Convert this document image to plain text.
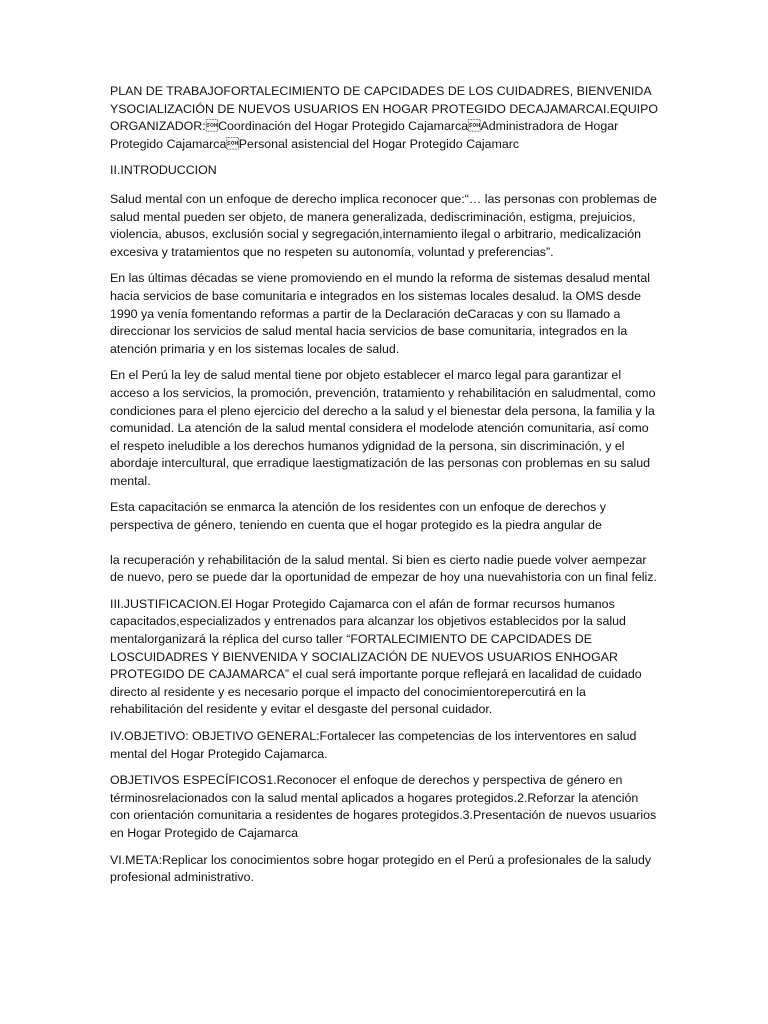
PLAN DE TRABAJOFORTALECIMIENTO DE CAPCIDADES DE LOS CUIDADRES, BIENVENIDA YSOCIALIZACIÓN DE NUEVOS USUARIOS EN HOGAR PROTEGIDO DECAJAMARCAI.EQUIPO ORGANIZADOR:Coordinación del Hogar Protegido CajamarcaAdministradora de Hogar Protegido CajamarcaPersonal asistencial del Hogar Protegido Cajamarc

II.INTRODUCCION

Salud mental con un enfoque de derecho implica reconocer que:“… las personas con problemas de salud mental pueden ser objeto, de manera generalizada, dediscriminación, estigma, prejuicios, violencia, abusos, exclusión social y segregación,internamiento ilegal o arbitrario, medicalización excesiva y tratamientos que no respeten su autonomía, voluntad y preferencias”.

En las últimas décadas se viene promoviendo en el mundo la reforma de sistemas desalud mental hacia servicios de base comunitaria e integrados en los sistemas locales desalud. la OMS desde 1990 ya venía fomentando reformas a partir de la Declaración deCaracas y con su llamado a direccionar los servicios de salud mental hacia servicios de base comunitaria, integrados en la atención primaria y en los sistemas locales de salud.

En el Perú la ley de salud mental tiene por objeto establecer el marco legal para garantizar el acceso a los servicios, la promoción, prevención, tratamiento y rehabilitación en saludmental, como condiciones para el pleno ejercicio del derecho a la salud y el bienestar dela persona, la familia y la comunidad. La atención de la salud mental considera el modelode atención comunitaria, así como el respeto ineludible a los derechos humanos ydignidad de la persona, sin discriminación, y el abordaje intercultural, que erradique laestigmatización de las personas con problemas en su salud mental.

Esta capacitación se enmarca la atención de los residentes con un enfoque de derechos y perspectiva de género, teniendo en cuenta que el hogar protegido es la piedra angular de

la recuperación y rehabilitación de la salud mental. Si bien es cierto nadie puede volver aempezar de nuevo, pero se puede dar la oportunidad de empezar de hoy una nuevahistoria con un final feliz.

III.JUSTIFICACION.El Hogar Protegido Cajamarca con el afán de formar recursos humanos capacitados,especializados y entrenados para alcanzar los objetivos establecidos por la salud mentalorganizará la réplica del curso taller “FORTALECIMIENTO DE CAPCIDADES DE LOSCUIDADRES Y BIENVENIDA Y SOCIALIZACIÓN DE NUEVOS USUARIOS ENHOGAR PROTEGIDO DE CAJAMARCA” el cual será importante porque reflejará en lacalidad de cuidado directo al residente y es necesario porque el impacto del conocimientorepercutirá en la rehabilitación del residente y evitar el desgaste del personal cuidador.

IV.OBJETIVO: OBJETIVO GENERAL:Fortalecer las competencias de los interventores en salud mental del Hogar Protegido Cajamarca.

OBJETIVOS ESPECÍFICOS1.Reconocer el enfoque de derechos y perspectiva de género en términosrelacionados con la salud mental aplicados a hogares protegidos.2.Reforzar la atención con orientación comunitaria a residentes de hogares protegidos.3.Presentación de nuevos usuarios en Hogar Protegido de Cajamarca

VI.META:Replicar los conocimientos sobre hogar protegido en el Perú a profesionales de la saludy profesional administrativo.
